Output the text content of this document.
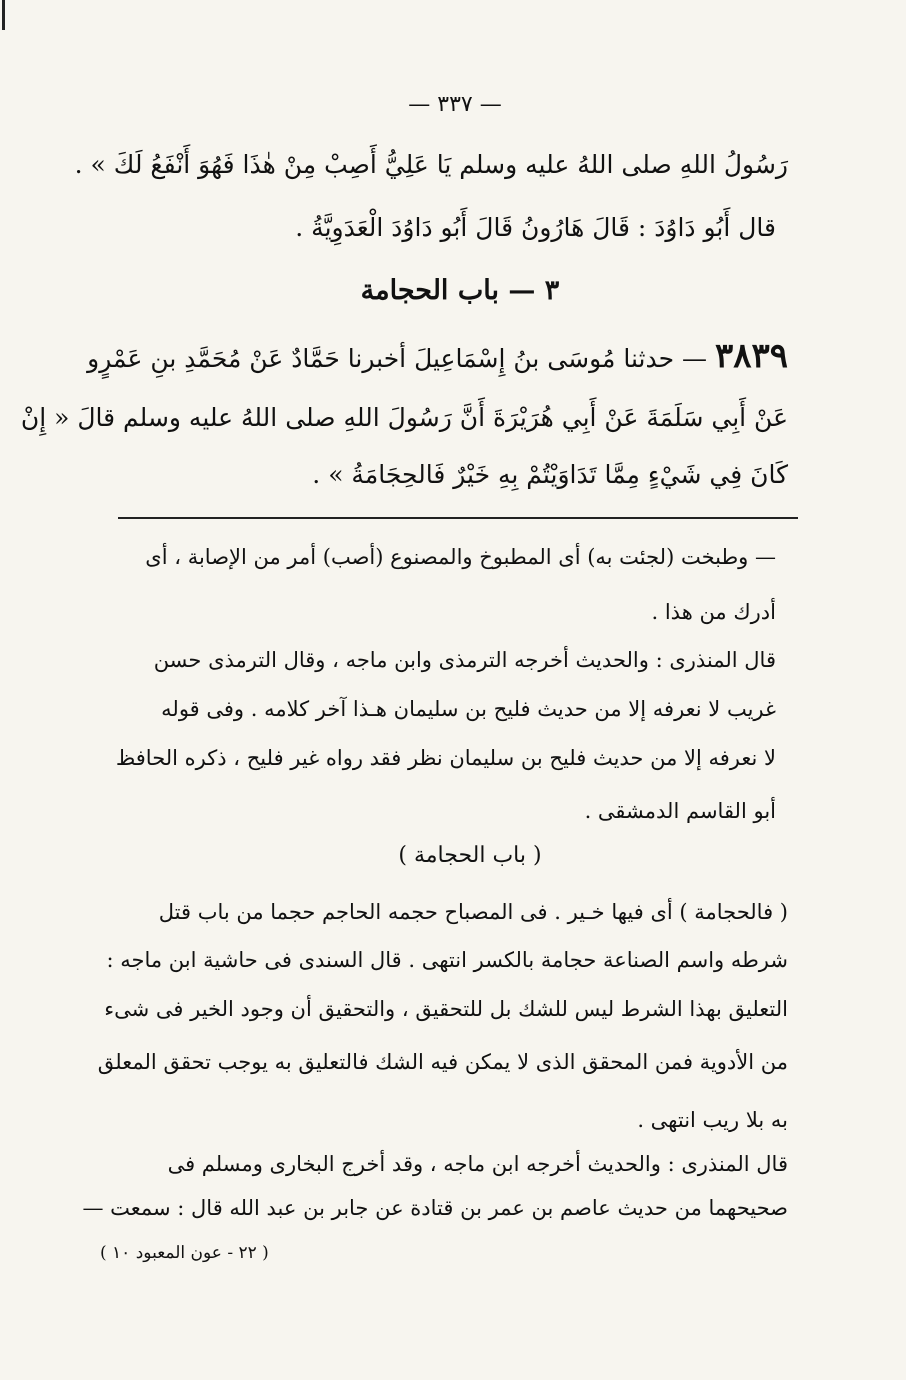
— ٣٣٧ —
رَسُولُ اللهِ صلى اللهُ عليه وسلم يَا عَلِيُّ أَصِبْ مِنْ هٰذَا فَهُوَ أَنْفَعُ لَكَ » .
قال أَبُو دَاوُدَ : قَالَ هَارُونُ قَالَ أَبُو دَاوُدَ الْعَدَوِيَّةُ .
٣ — باب الحجامة
٣٨٣٩ — حدثنا مُوسَى بنُ إِسْمَاعِيلَ أخبرنا حَمَّادٌ عَنْ مُحَمَّدِ بنِ عَمْرٍو
عَنْ أَبِي سَلَمَةَ عَنْ أَبِي هُرَيْرَةَ أَنَّ رَسُولَ اللهِ صلى اللهُ عليه وسلم قالَ « إِنْ
كَانَ فِي شَيْءٍ مِمَّا تَدَاوَيْتُمْ بِهِ خَيْرٌ فَالحِجَامَةُ » .
— وطبخت (لجئت به) أى المطبوخ والمصنوع (أصب) أمر من الإصابة ، أى
أدرك من هذا .
قال المنذرى : والحديث أخرجه الترمذى وابن ماجه ، وقال الترمذى حسن
غريب لا نعرفه إلا من حديث فليح بن سليمان هـذا آخر كلامه . وفى قوله
لا نعرفه إلا من حديث فليح بن سليمان نظر فقد رواه غير فليح ، ذكره الحافظ
أبو القاسم الدمشقى .
( باب الحجامة )
( فالحجامة ) أى فيها خـير . فى المصباح حجمه الحاجم حجما من باب قتل
شرطه واسم الصناعة حجامة بالكسر انتهى . قال السندى فى حاشية ابن ماجه :
التعليق بهذا الشرط ليس للشك بل للتحقيق ، والتحقيق أن وجود الخير فى شىء
من الأدوية فمن المحقق الذى لا يمكن فيه الشك فالتعليق به يوجب تحقق المعلق
به بلا ريب انتهى .
قال المنذرى : والحديث أخرجه ابن ماجه ، وقد أخرج البخارى ومسلم فى
صحيحهما من حديث عاصم بن عمر بن قتادة عن جابر بن عبد الله قال : سمعت —
( ٢٢ - عون المعبود ١٠ )
